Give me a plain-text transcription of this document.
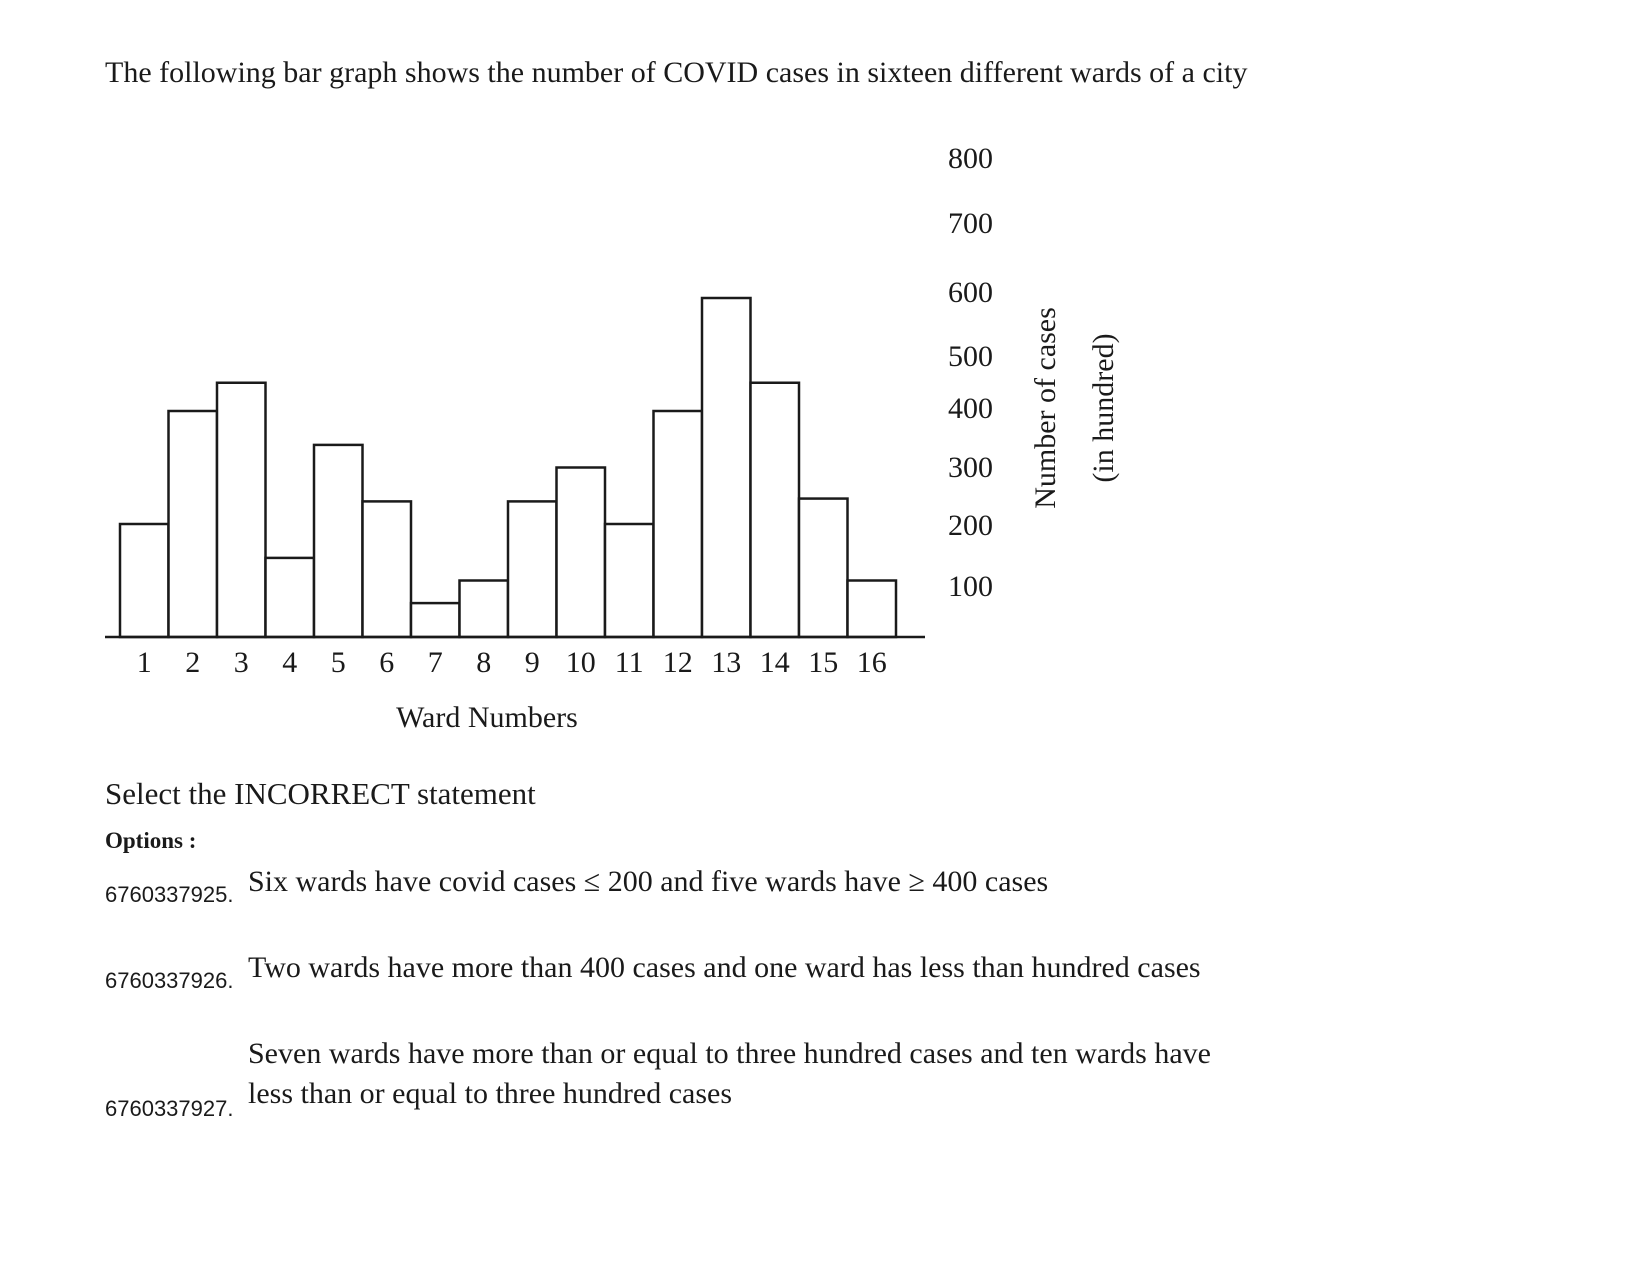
The following bar graph shows the number of COVID cases in sixteen different wards of a city
1 2 3 4 5 6 7 8 9 10 11 12 13 14 15 16
100
200
300
400
500
600
700
800
Ward Numbers
Number of cases (in hundred)

Select the INCORRECT statement

Options :

6760337925. Six wards have covid cases ≤ 200 and five wards have ≥ 400 cases

6760337926. Two wards have more than 400 cases and one ward has less than hundred cases

6760337927.

Seven wards have more than or equal to three hundred cases and ten wards have less than or equal to three hundred cases
